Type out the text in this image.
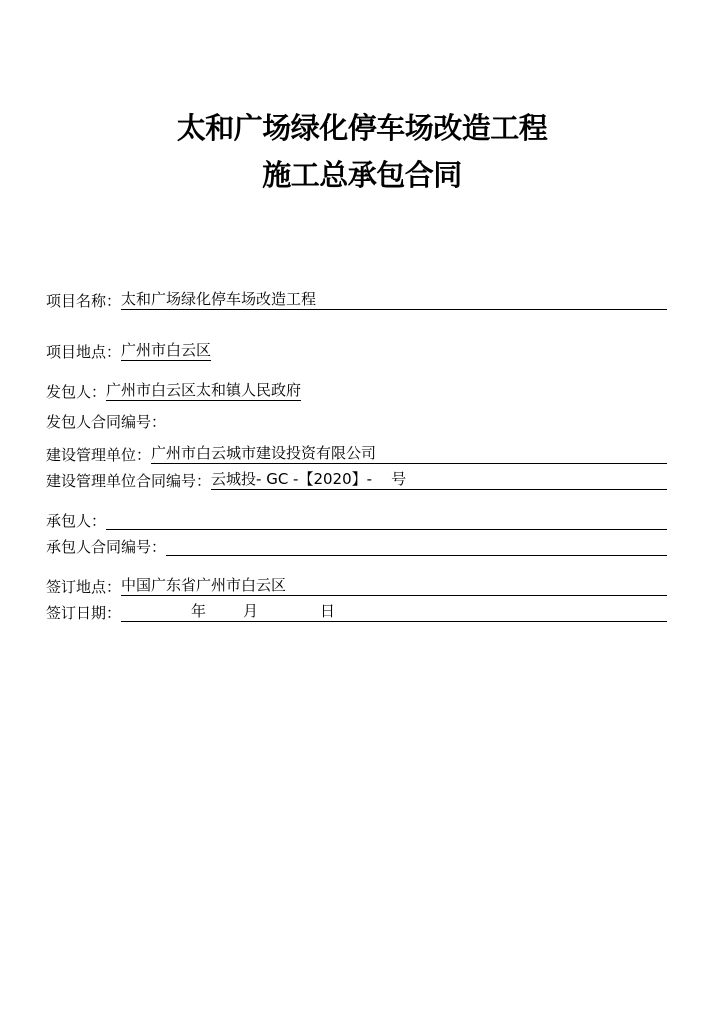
太和广场绿化停车场改造工程
施工总承包合同
项目名称： 太和广场绿化停车场改造工程
项目地点： 广州市白云区
发包人： 广州市白云区太和镇人民政府
发包人合同编号：
建设管理单位： 广州市白云城市建设投资有限公司
建设管理单位合同编号： 云城投- GC -【2020】-    号
承包人：
承包人合同编号：
签订地点： 中国广东省广州市白云区
签订日期：	年 月	日
